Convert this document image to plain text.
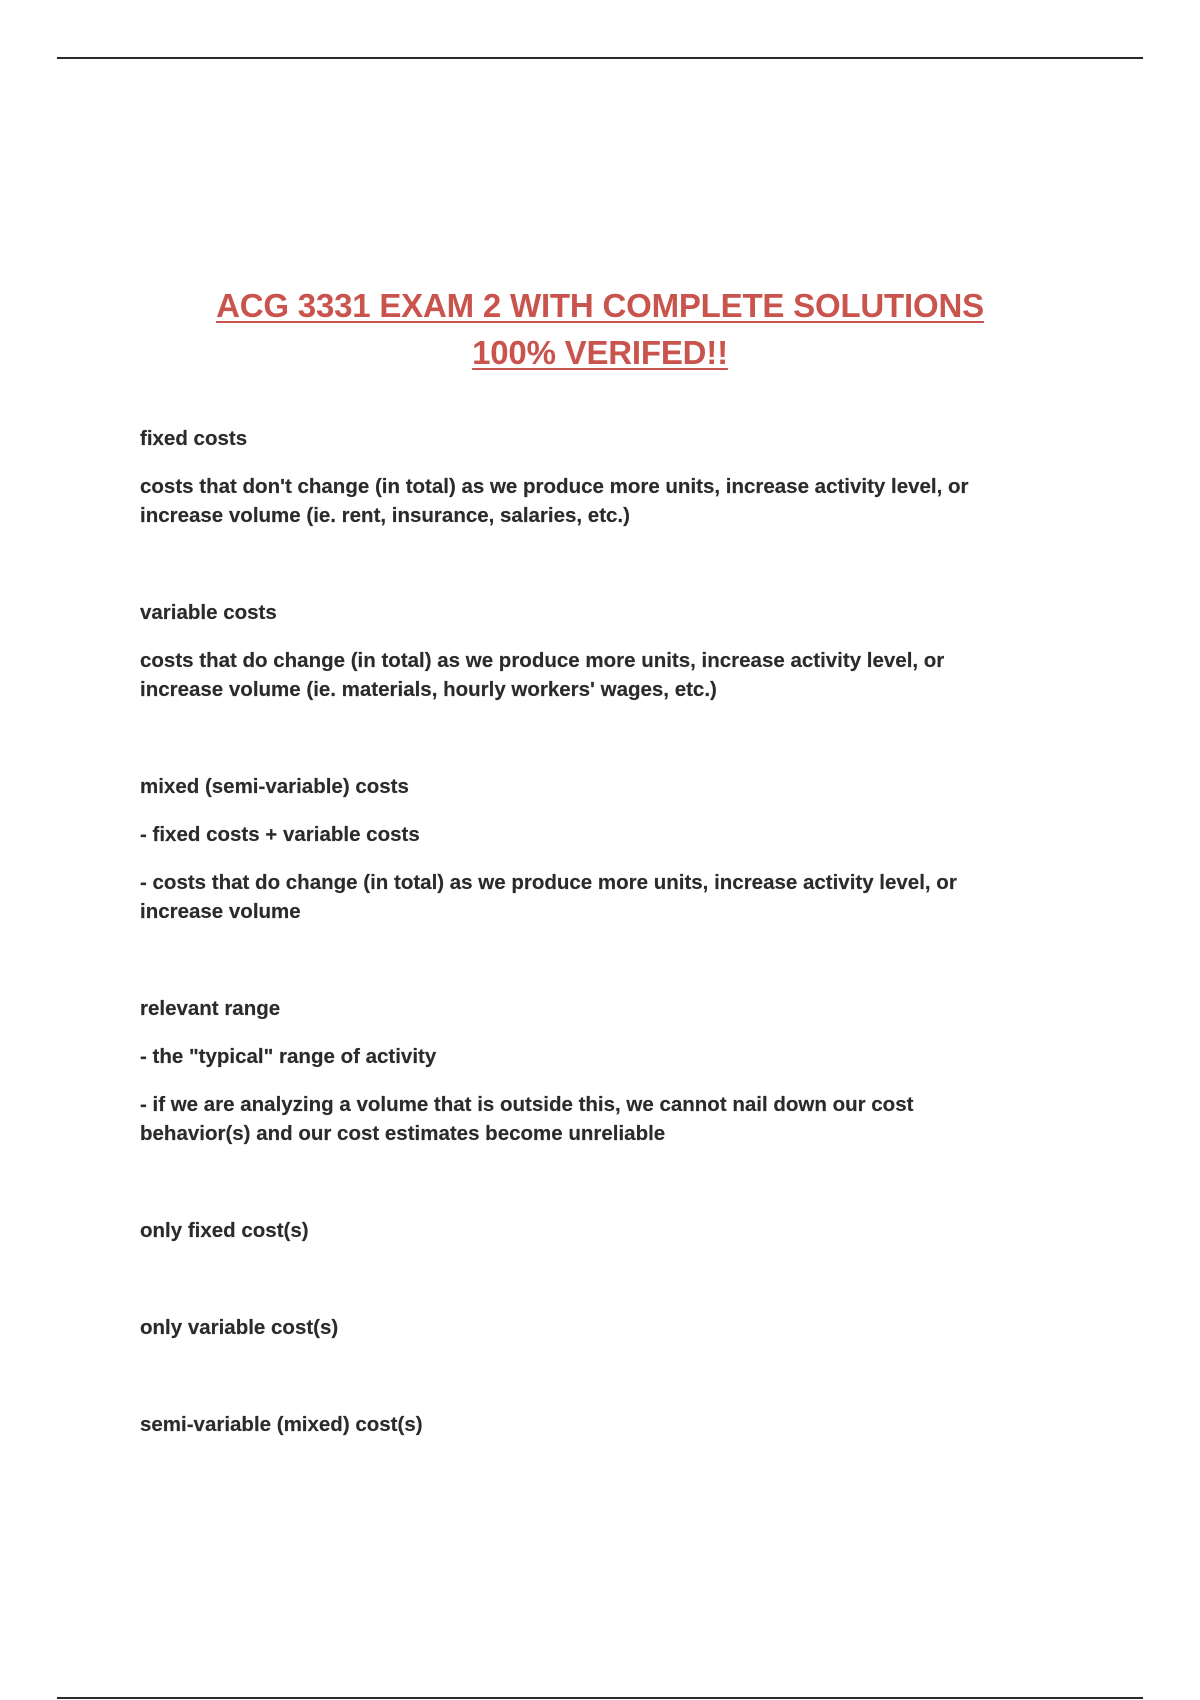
ACG 3331 EXAM 2 WITH COMPLETE SOLUTIONS
100% VERIFED!!

fixed costs

costs that don't change (in total) as we produce more units, increase activity level, or
increase volume (ie. rent, insurance, salaries, etc.)

variable costs

costs that do change (in total) as we produce more units, increase activity level, or
increase volume (ie. materials, hourly workers' wages, etc.)

mixed (semi-variable) costs

- fixed costs + variable costs

- costs that do change (in total) as we produce more units, increase activity level, or
increase volume

relevant range

- the "typical" range of activity

- if we are analyzing a volume that is outside this, we cannot nail down our cost
behavior(s) and our cost estimates become unreliable

only fixed cost(s)

only variable cost(s)

semi-variable (mixed) cost(s)
